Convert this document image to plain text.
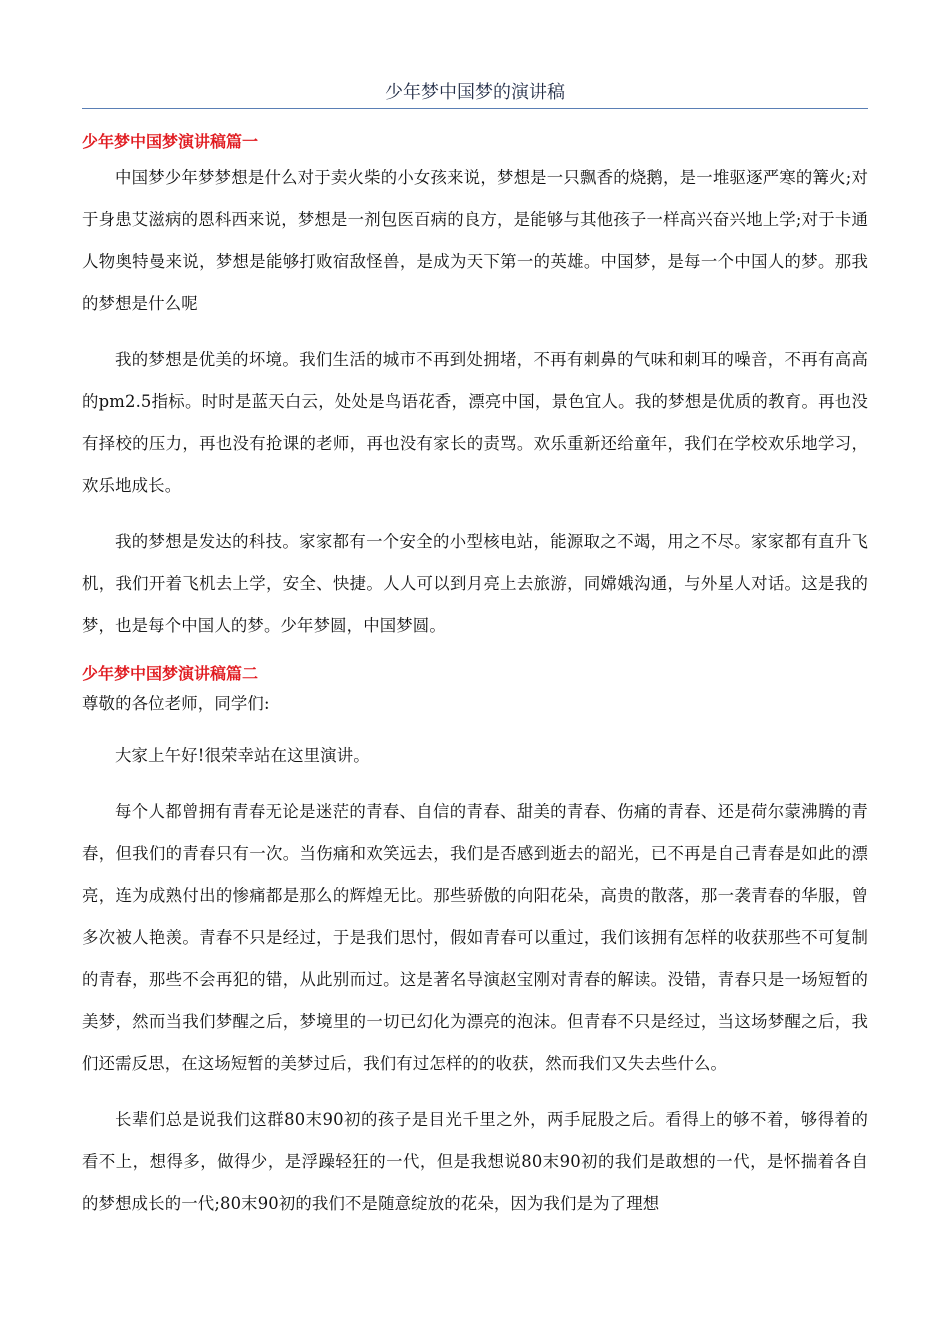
少年梦中国梦的演讲稿
少年梦中国梦演讲稿篇一

中国梦少年梦梦想是什么对于卖火柴的小女孩来说，梦想是一只飘香的烧鹅，是一堆驱逐严寒的篝火;对于身患艾滋病的恩科西来说，梦想是一剂包医百病的良方，是能够与其他孩子一样高兴奋兴地上学;对于卡通人物奥特曼来说，梦想是能够打败宿敌怪兽，是成为天下第一的英雄。中国梦，是每一个中国人的梦。那我的梦想是什么呢

我的梦想是优美的坏境。我们生活的城市不再到处拥堵，不再有刺鼻的气味和刺耳的噪音，不再有高高的pm2.5指标。时时是蓝天白云，处处是鸟语花香，漂亮中国，景色宜人。我的梦想是优质的教育。再也没有择校的压力，再也没有抢课的老师，再也没有家长的责骂。欢乐重新还给童年，我们在学校欢乐地学习，欢乐地成长。

我的梦想是发达的科技。家家都有一个安全的小型核电站，能源取之不竭，用之不尽。家家都有直升飞机，我们开着飞机去上学，安全、快捷。人人可以到月亮上去旅游，同嫦娥沟通，与外星人对话。这是我的梦，也是每个中国人的梦。少年梦圆，中国梦圆。

少年梦中国梦演讲稿篇二

尊敬的各位老师，同学们:

大家上午好!很荣幸站在这里演讲。

每个人都曾拥有青春无论是迷茫的青春、自信的青春、甜美的青春、伤痛的青春、还是荷尔蒙沸腾的青春，但我们的青春只有一次。当伤痛和欢笑远去，我们是否感到逝去的韶光，已不再是自己青春是如此的漂亮，连为成熟付出的惨痛都是那么的辉煌无比。那些骄傲的向阳花朵，高贵的散落，那一袭青春的华服，曾多次被人艳羡。青春不只是经过，于是我们思忖，假如青春可以重过，我们该拥有怎样的收获那些不可复制的青春，那些不会再犯的错，从此别而过。这是著名导演赵宝刚对青春的解读。没错，青春只是一场短暂的美梦，然而当我们梦醒之后，梦境里的一切已幻化为漂亮的泡沫。但青春不只是经过，当这场梦醒之后，我们还需反思，在这场短暂的美梦过后，我们有过怎样的的收获，然而我们又失去些什么。

长辈们总是说我们这群80末90初的孩子是目光千里之外，两手屁股之后。看得上的够不着，够得着的看不上，想得多，做得少，是浮躁轻狂的一代，但是我想说80末90初的我们是敢想的一代，是怀揣着各自的梦想成长的一代;80末90初的我们不是随意绽放的花朵，因为我们是为了理想
